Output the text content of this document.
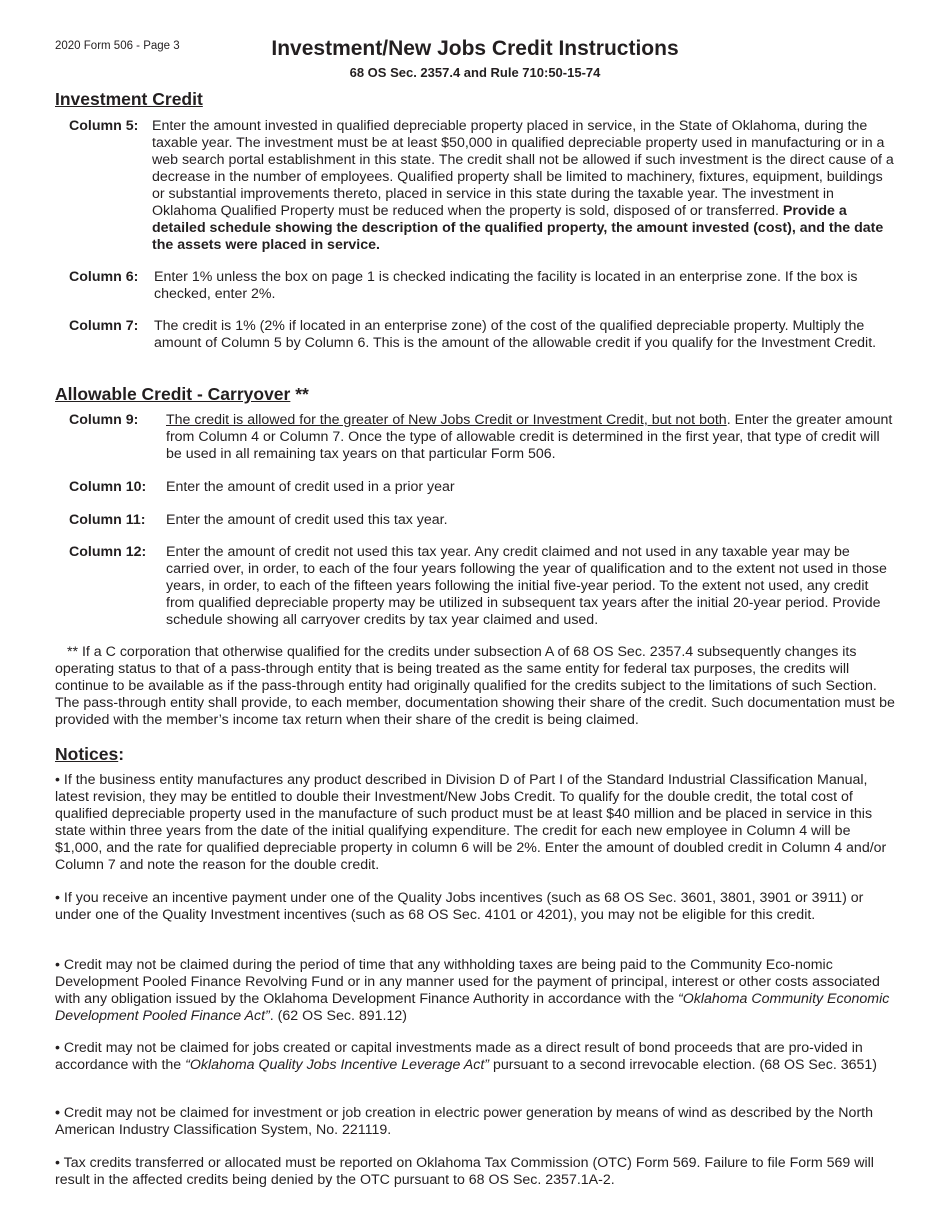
2020 Form 506 - Page 3	Investment/New Jobs Credit Instructions
68 OS Sec. 2357.4 and Rule 710:50-15-74
Investment Credit
Column 5: Enter the amount invested in qualified depreciable property placed in service, in the State of Oklahoma, during the taxable year. The investment must be at least $50,000 in qualified depreciable property used in manufacturing or in a web search portal establishment in this state. The credit shall not be allowed if such investment is the direct cause of a decrease in the number of employees. Qualified property shall be limited to machinery, fixtures, equipment, buildings or substantial improvements thereto, placed in service in this state during the taxable year. The investment in Oklahoma Qualified Property must be reduced when the property is sold, disposed of or transferred. Provide a detailed schedule showing the description of the qualified property, the amount invested (cost), and the date the assets were placed in service.
Column 6: Enter 1% unless the box on page 1 is checked indicating the facility is located in an enterprise zone. If the box is checked, enter 2%.
Column 7: The credit is 1% (2% if located in an enterprise zone) of the cost of the qualified depreciable property. Multiply the amount of Column 5 by Column 6. This is the amount of the allowable credit if you qualify for the Investment Credit.
Allowable Credit - Carryover **
Column 9: The credit is allowed for the greater of New Jobs Credit or Investment Credit, but not both. Enter the greater amount from Column 4 or Column 7. Once the type of allowable credit is determined in the first year, that type of credit will be used in all remaining tax years on that particular Form 506.
Column 10: Enter the amount of credit used in a prior year
Column 11: Enter the amount of credit used this tax year.
Column 12: Enter the amount of credit not used this tax year. Any credit claimed and not used in any taxable year may be carried over, in order, to each of the four years following the year of qualification and to the extent not used in those years, in order, to each of the fifteen years following the initial five-year period. To the extent not used, any credit from qualified depreciable property may be utilized in subsequent tax years after the initial 20-year period. Provide schedule showing all carryover credits by tax year claimed and used.
** If a C corporation that otherwise qualified for the credits under subsection A of 68 OS Sec. 2357.4 subsequently changes its operating status to that of a pass-through entity that is being treated as the same entity for federal tax purposes, the credits will continue to be available as if the pass-through entity had originally qualified for the credits subject to the limitations of such Section. The pass-through entity shall provide, to each member, documentation showing their share of the credit. Such documentation must be provided with the member’s income tax return when their share of the credit is being claimed.
Notices:
• If the business entity manufactures any product described in Division D of Part I of the Standard Industrial Classification Manual, latest revision, they may be entitled to double their Investment/New Jobs Credit. To qualify for the double credit, the total cost of qualified depreciable property used in the manufacture of such product must be at least $40 million and be placed in service in this state within three years from the date of the initial qualifying expenditure. The credit for each new employee in Column 4 will be $1,000, and the rate for qualified depreciable property in column 6 will be 2%. Enter the amount of doubled credit in Column 4 and/or Column 7 and note the reason for the double credit.
• If you receive an incentive payment under one of the Quality Jobs incentives (such as 68 OS Sec. 3601, 3801, 3901 or 3911) or under one of the Quality Investment incentives (such as 68 OS Sec. 4101 or 4201), you may not be eligible for this credit.
• Credit may not be claimed during the period of time that any withholding taxes are being paid to the Community Eco-nomic Development Pooled Finance Revolving Fund or in any manner used for the payment of principal, interest or other costs associated with any obligation issued by the Oklahoma Development Finance Authority in accordance with the “Oklahoma Community Economic Development Pooled Finance Act”. (62 OS Sec. 891.12)
• Credit may not be claimed for jobs created or capital investments made as a direct result of bond proceeds that are pro-vided in accordance with the “Oklahoma Quality Jobs Incentive Leverage Act” pursuant to a second irrevocable election. (68 OS Sec. 3651)
• Credit may not be claimed for investment or job creation in electric power generation by means of wind as described by the North American Industry Classification System, No. 221119.
• Tax credits transferred or allocated must be reported on Oklahoma Tax Commission (OTC) Form 569. Failure to file Form 569 will result in the affected credits being denied by the OTC pursuant to 68 OS Sec. 2357.1A-2.
